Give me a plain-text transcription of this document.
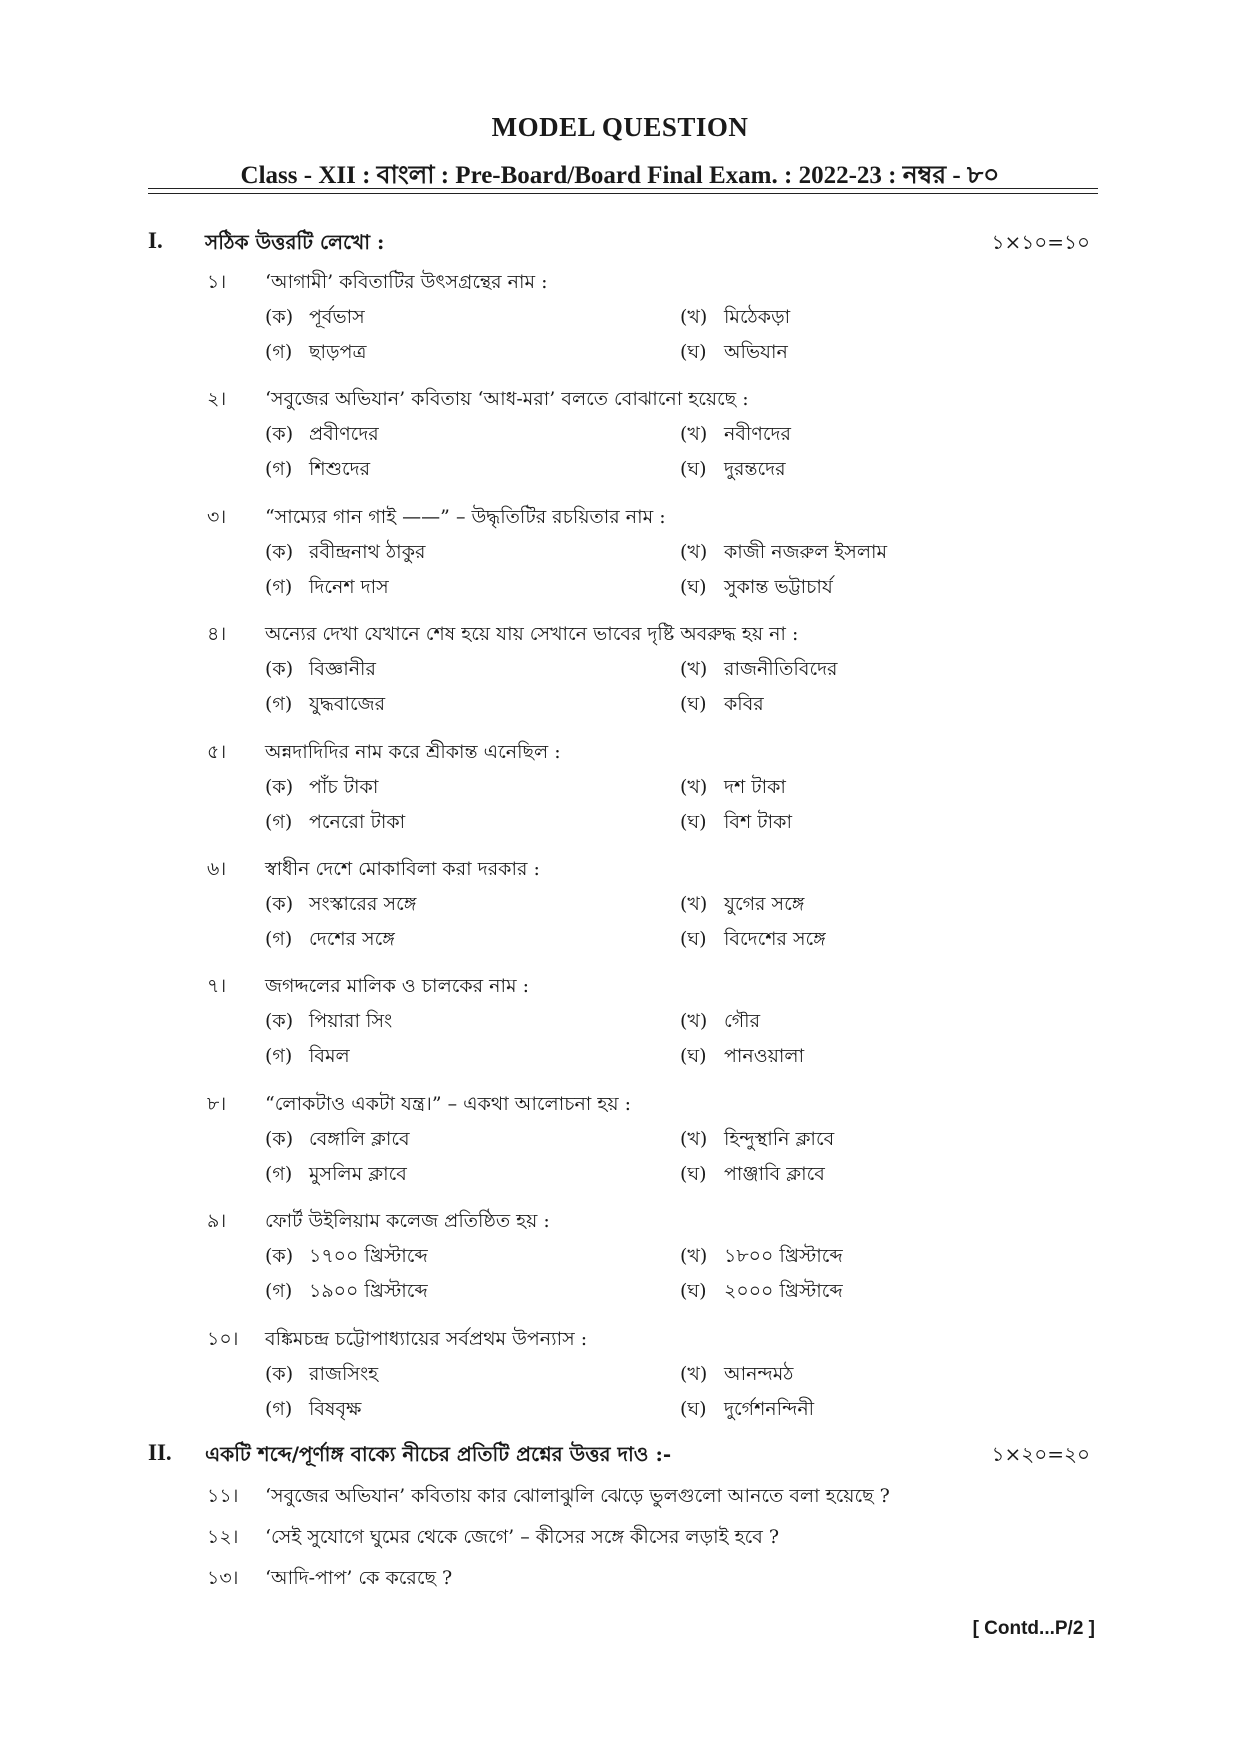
MODEL QUESTION
Class - XII : বাংলা : Pre-Board/Board Final Exam. : 2022-23 : নম্বর - ৮০
I. সঠিক উত্তরটি লেখো :	১×১০=১০
১। ‘আগামী’ কবিতাটির উৎসগ্রন্থের নাম :
(ক) পূর্বভাস	(খ) মিঠেকড়া
(গ) ছাড়পত্র	(ঘ) অভিযান
২। ‘সবুজের অভিযান’ কবিতায় ‘আধ-মরা’ বলতে বোঝানো হয়েছে :
(ক) প্রবীণদের	(খ) নবীণদের
(গ) শিশুদের	(ঘ) দুরন্তদের
৩। “সাম্যের গান গাই ——” – উদ্ধৃতিটির রচয়িতার নাম :
(ক) রবীন্দ্রনাথ ঠাকুর	(খ) কাজী নজরুল ইসলাম
(গ) দিনেশ দাস	(ঘ) সুকান্ত ভট্টাচার্য
৪। অন্যের দেখা যেখানে শেষ হয়ে যায় সেখানে ভাবের দৃষ্টি অবরুদ্ধ হয় না :
(ক) বিজ্ঞানীর	(খ) রাজনীতিবিদের
(গ) যুদ্ধবাজের	(ঘ) কবির
৫। অন্নদাদিদির নাম করে শ্রীকান্ত এনেছিল :
(ক) পাঁচ টাকা	(খ) দশ টাকা
(গ) পনেরো টাকা	(ঘ) বিশ টাকা
৬। স্বাধীন দেশে মোকাবিলা করা দরকার :
(ক) সংস্কারের সঙ্গে	(খ) যুগের সঙ্গে
(গ) দেশের সঙ্গে	(ঘ) বিদেশের সঙ্গে
৭। জগদ্দলের মালিক ও চালকের নাম :
(ক) পিয়ারা সিং	(খ) গৌর
(গ) বিমল	(ঘ) পানওয়ালা
৮। “লোকটাও একটা যন্ত্র।” – একথা আলোচনা হয় :
(ক) বেঙ্গালি ক্লাবে	(খ) হিন্দুস্থানি ক্লাবে
(গ) মুসলিম ক্লাবে	(ঘ) পাঞ্জাবি ক্লাবে
৯। ফোর্ট উইলিয়াম কলেজ প্রতিষ্ঠিত হয় :
(ক) ১৭০০ খ্রিস্টাব্দে	(খ) ১৮০০ খ্রিস্টাব্দে
(গ) ১৯০০ খ্রিস্টাব্দে	(ঘ) ২০০০ খ্রিস্টাব্দে
১০। বঙ্কিমচন্দ্র চট্টোপাধ্যায়ের সর্বপ্রথম উপন্যাস :
(ক) রাজসিংহ	(খ) আনন্দমঠ
(গ) বিষবৃক্ষ	(ঘ) দুর্গেশনন্দিনী
II. একটি শব্দে/পূর্ণাঙ্গ বাক্যে নীচের প্রতিটি প্রশ্নের উত্তর দাও :-	১×২০=২০
১১। ‘সবুজের অভিযান’ কবিতায় কার ঝোলাঝুলি ঝেড়ে ভুলগুলো আনতে বলা হয়েছে ?
১২। ‘সেই সুযোগে ঘুমের থেকে জেগে’ – কীসের সঙ্গে কীসের লড়াই হবে ?
১৩। ‘আদি-পাপ’ কে করেছে ?
[ Contd...P/2 ]
